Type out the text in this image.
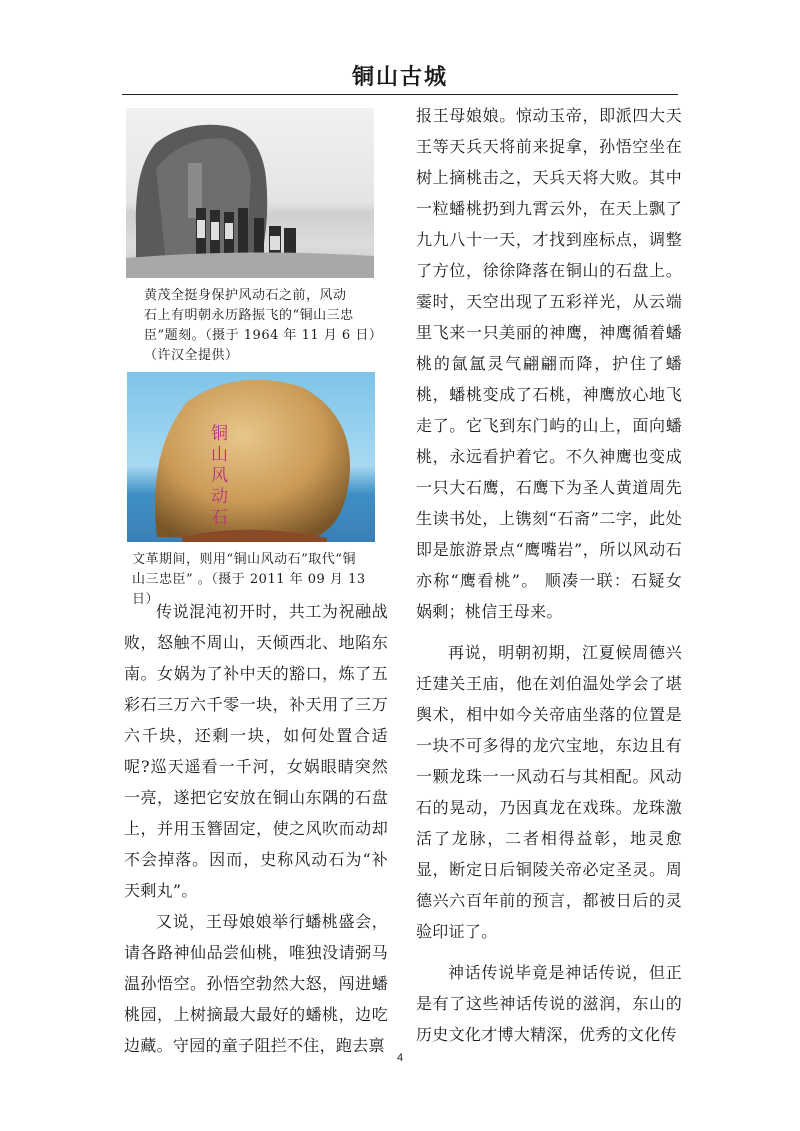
铜山古城
黄茂全挺身保护风动石之前，风动
石上有明朝永历路振飞的“铜山三忠
臣”题刻。（摄于 1964 年 11 月 6 日）
（许汉全提供）
铜山风动石
文革期间，则用“铜山风动石”取代“铜
山三忠臣” 。（摄于 2011 年 09 月 13 日）

传说混沌初开时，共工为祝融战败，怒触不周山，天倾西北、地陷东南。女娲为了补中天的豁口，炼了五彩石三万六千零一块，补天用了三万六千块，还剩一块，如何处置合适呢?巡天遥看一千河，女娲眼睛突然一亮，遂把它安放在铜山东隅的石盘上，并用玉簪固定，使之风吹而动却不会掉落。因而，史称风动石为“补天剩丸”。

又说，王母娘娘举行蟠桃盛会，请各路神仙品尝仙桃，唯独没请弼马温孙悟空。孙悟空勃然大怒，闯进蟠桃园，上树摘最大最好的蟠桃，边吃边藏。守园的童子阻拦不住，跑去禀

报王母娘娘。惊动玉帝，即派四大天王等天兵天将前来捉拿，孙悟空坐在树上摘桃击之，天兵天将大败。其中一粒蟠桃扔到九霄云外，在天上飘了九九八十一天，才找到座标点，调整了方位，徐徐降落在铜山的石盘上。霎时，天空出现了五彩祥光，从云端里飞来一只美丽的神鹰，神鹰循着蟠桃的氤氲灵气翩翩而降，护住了蟠桃，蟠桃变成了石桃，神鹰放心地飞走了。它飞到东门屿的山上，面向蟠桃，永远看护着它。不久神鹰也变成一只大石鹰，石鹰下为圣人黄道周先生读书处，上镌刻“石斋”二字，此处即是旅游景点“鹰嘴岩”，所以风动石亦称“鹰看桃”。 顺凑一联：石疑女娲剩；桃信王母来。

再说，明朝初期，江夏候周德兴迁建关王庙，他在刘伯温处学会了堪舆术，相中如今关帝庙坐落的位置是一块不可多得的龙穴宝地，东边且有一颗龙珠一一风动石与其相配。风动石的晃动，乃因真龙在戏珠。龙珠激活了龙脉，二者相得益彰，地灵愈显，断定日后铜陵关帝必定圣灵。周德兴六百年前的预言，都被日后的灵验印证了。

神话传说毕竟是神话传说，但正是有了这些神话传说的滋润，东山的历史文化才博大精深，优秀的文化传

4
